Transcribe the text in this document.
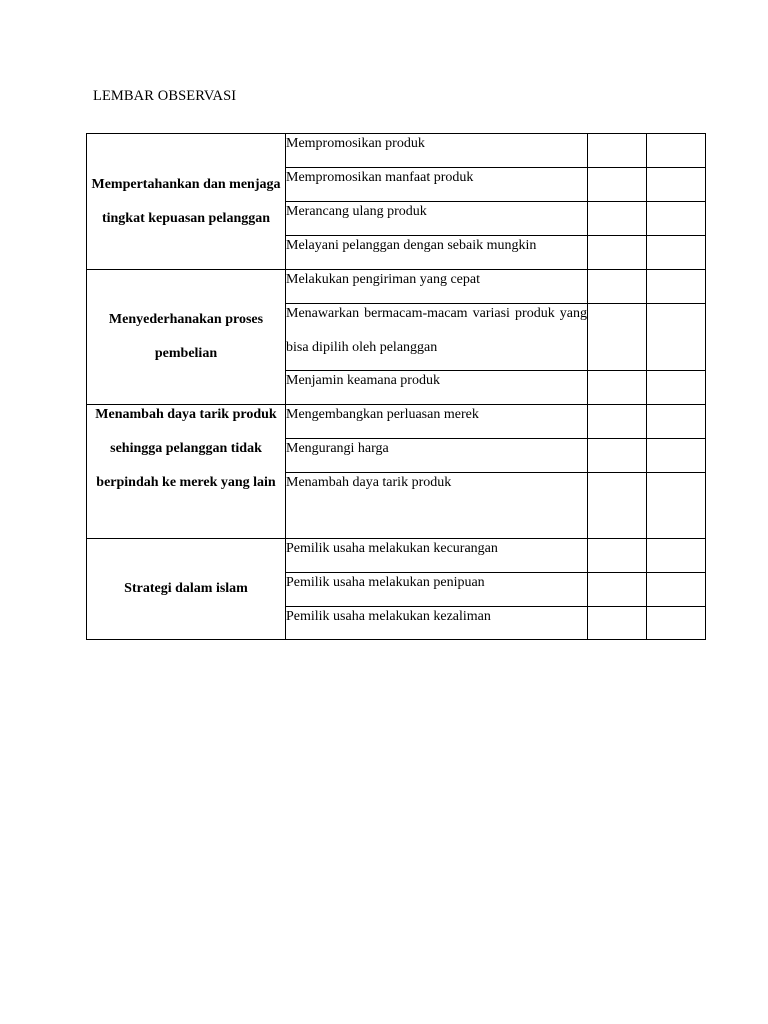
LEMBAR OBSERVASI
Mempertahankan dan menjaga tingkat kepuasan pelanggan	Mempromosikan produk		

	Mempromosikan manfaat produk		

	Merancang ulang produk		

	Melayani pelanggan dengan sebaik mungkin		

Menyederhanakan proses pembelian	Melakukan pengiriman yang cepat		

	Menawarkan bermacam-macam variasi produk yang bisa dipilih oleh pelanggan		

	Menjamin keamana produk		

Menambah daya tarik produk sehingga pelanggan tidak berpindah ke merek yang lain	Mengembangkan perluasan merek		

	Mengurangi harga		

	Menambah daya tarik produk		

Strategi dalam islam	Pemilik usaha melakukan kecurangan		

	Pemilik usaha melakukan penipuan		

	Pemilik usaha melakukan kezaliman		
